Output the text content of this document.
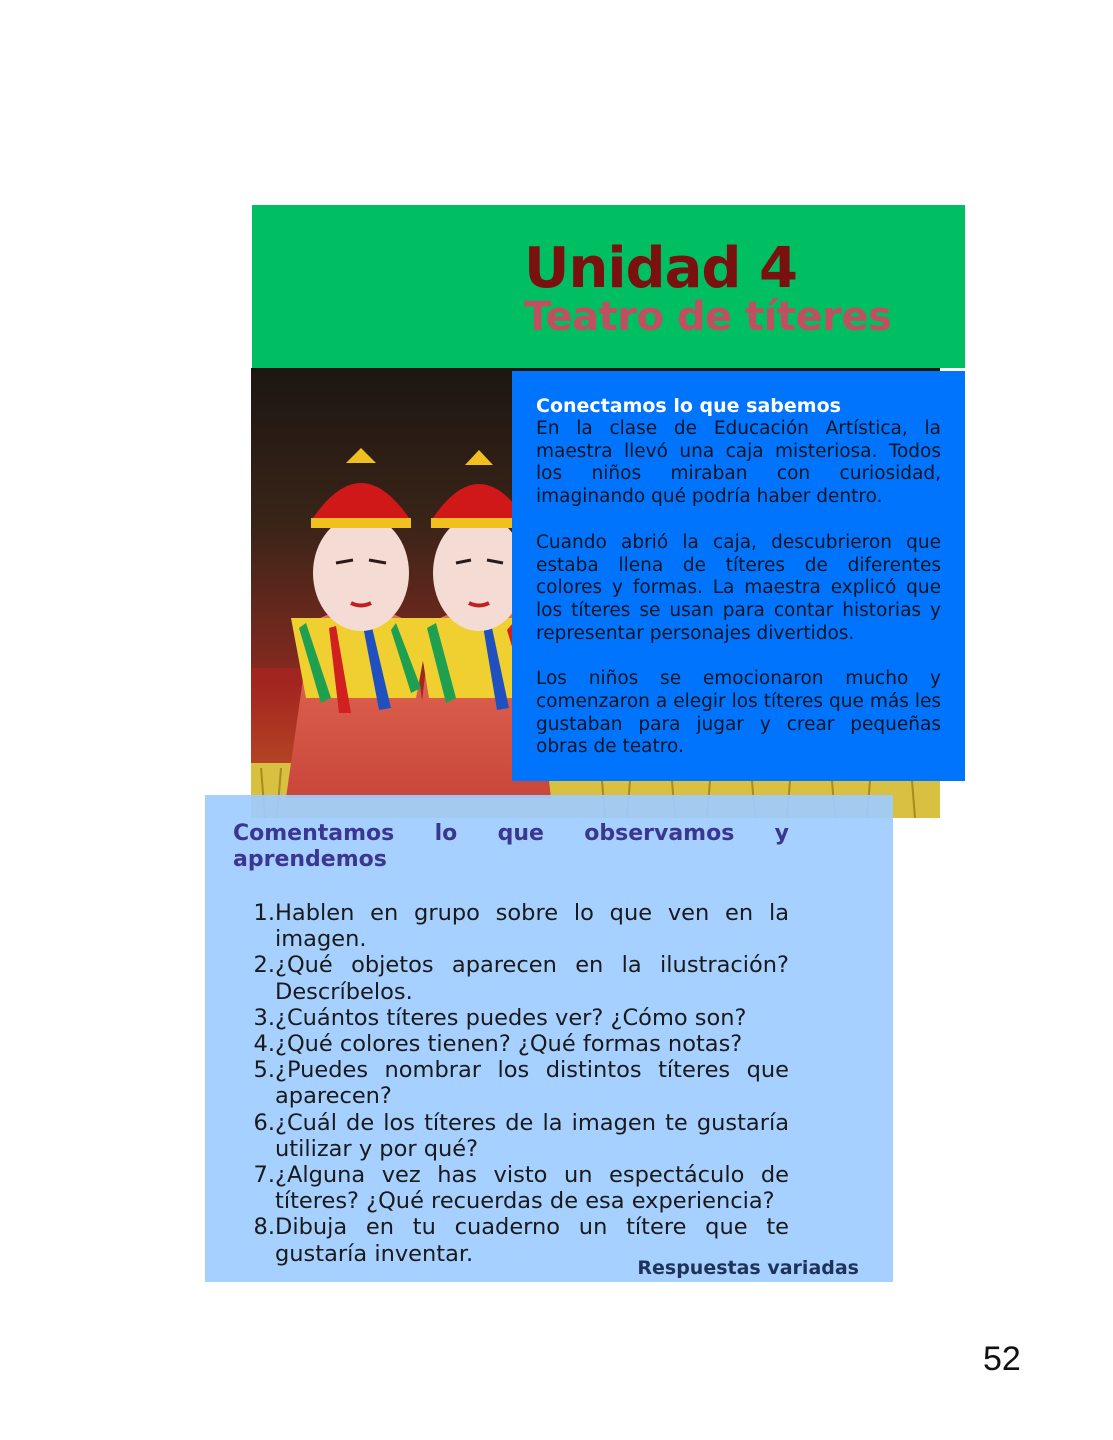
Unidad 4
Teatro de títeres
Conectamos lo que sabemos

En la clase de Educación Artística, la maestra llevó una caja misteriosa. Todos los niños miraban con curiosidad, imaginando qué podría haber dentro.

Cuando abrió la caja, descubrieron que estaba llena de títeres de diferentes colores y formas. La maestra explicó que los títeres se usan para contar historias y representar personajes divertidos.

Los niños se emocionaron mucho y comenzaron a elegir los títeres que más les gustaban para jugar y crear pequeñas obras de teatro.

Comentamos lo que observamos y aprendemos
1. Hablen en grupo sobre lo que ven en la imagen.
2. ¿Qué objetos aparecen en la ilustración? Descríbelos.
3. ¿Cuántos títeres puedes ver? ¿Cómo son?
4. ¿Qué colores tienen? ¿Qué formas notas?
5. ¿Puedes nombrar los distintos títeres que aparecen?
6. ¿Cuál de los títeres de la imagen te gustaría utilizar y por qué?
7. ¿Alguna vez has visto un espectáculo de títeres? ¿Qué recuerdas de esa experiencia?
8. Dibuja en tu cuaderno un títere que te gustaría inventar.
Respuestas variadas
52
